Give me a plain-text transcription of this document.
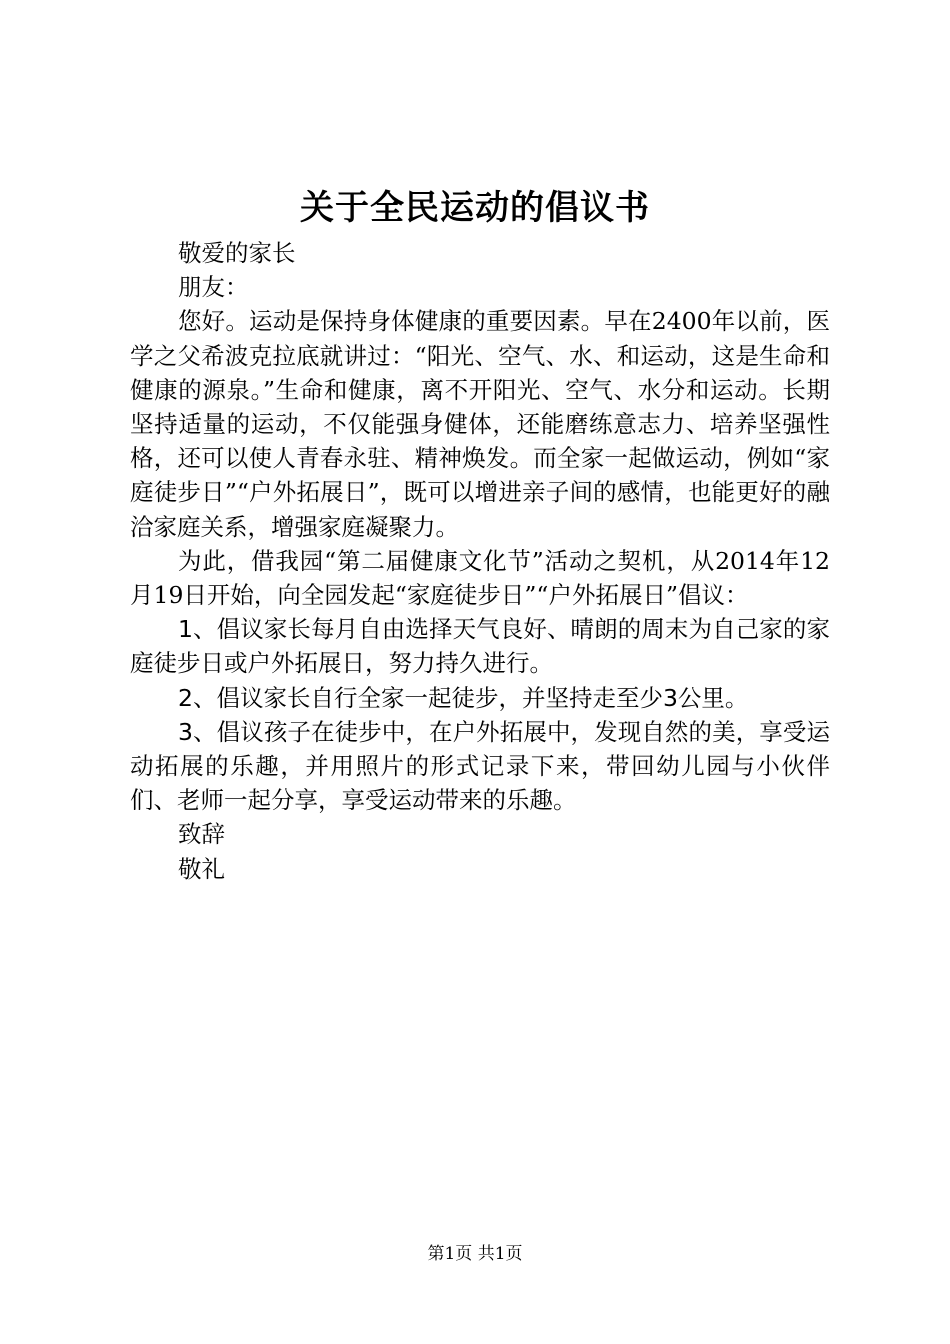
关于全民运动的倡议书

敬爱的家长

朋友：

您好。运动是保持身体健康的重要因素。早在2400年以前，医学之父希波克拉底就讲过：“阳光、空气、水、和运动，这是生命和健康的源泉。”生命和健康，离不开阳光、空气、水分和运动。长期坚持适量的运动，不仅能强身健体，还能磨练意志力、培养坚强性格，还可以使人青春永驻、精神焕发。而全家一起做运动，例如“家庭徒步日”“户外拓展日”，既可以增进亲子间的感情，也能更好的融洽家庭关系，增强家庭凝聚力。

为此，借我园“第二届健康文化节”活动之契机，从2014年12月19日开始，向全园发起“家庭徒步日”“户外拓展日”倡议：

1、倡议家长每月自由选择天气良好、晴朗的周末为自己家的家庭徒步日或户外拓展日，努力持久进行。

2、倡议家长自行全家一起徒步，并坚持走至少3公里。

3、倡议孩子在徒步中，在户外拓展中，发现自然的美，享受运动拓展的乐趣，并用照片的形式记录下来，带回幼儿园与小伙伴们、老师一起分享，享受运动带来的乐趣。

致辞

敬礼

第1页 共1页
